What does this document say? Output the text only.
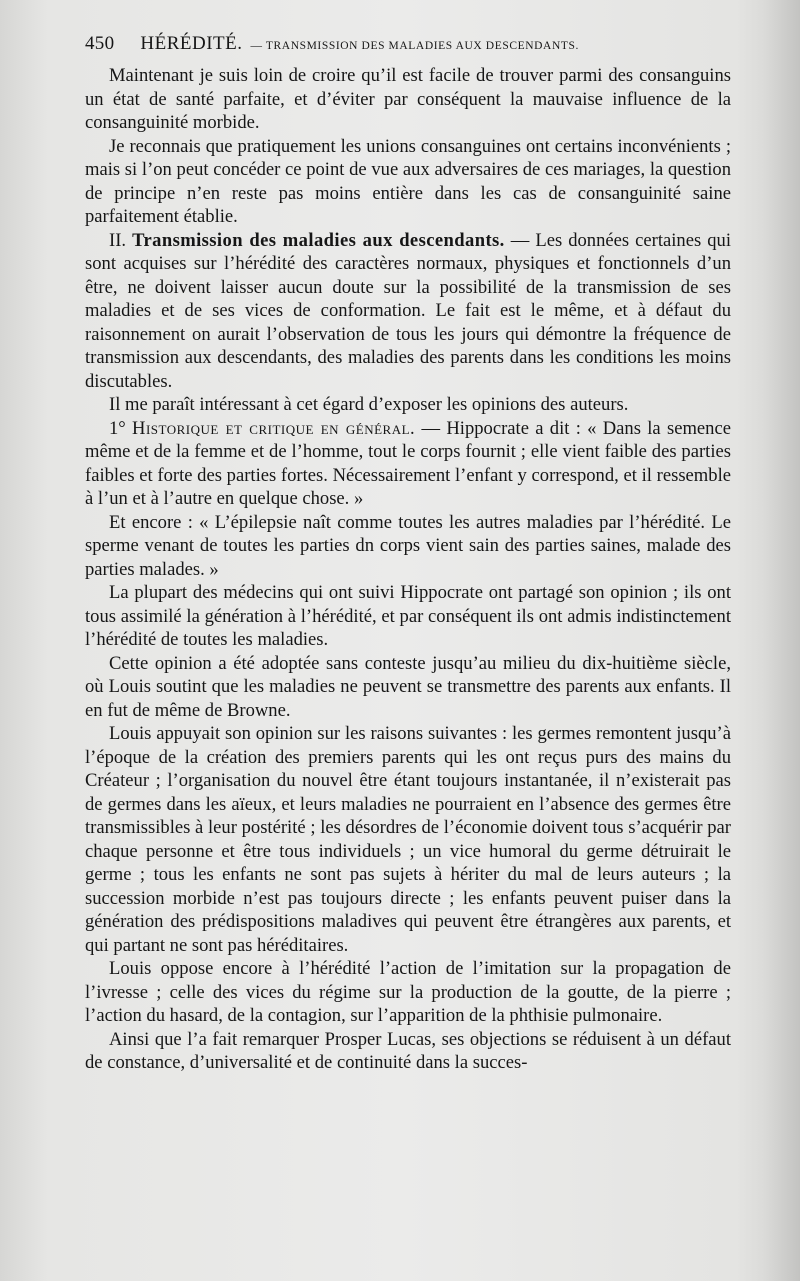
450 HÉRÉDITÉ. — TRANSMISSION DES MALADIES AUX DESCENDANTS.

Maintenant je suis loin de croire qu’il est facile de trouver parmi des consanguins un état de santé parfaite, et d’éviter par conséquent la mauvaise influence de la consanguinité morbide.

Je reconnais que pratiquement les unions consanguines ont certains inconvénients ; mais si l’on peut concéder ce point de vue aux adversaires de ces mariages, la question de principe n’en reste pas moins entière dans les cas de consanguinité saine parfaitement établie.

II. Transmission des maladies aux descendants. — Les données certaines qui sont acquises sur l’hérédité des caractères normaux, physiques et fonctionnels d’un être, ne doivent laisser aucun doute sur la possibilité de la transmission de ses maladies et de ses vices de conformation. Le fait est le même, et à défaut du raisonnement on aurait l’observation de tous les jours qui démontre la fréquence de transmission aux descendants, des maladies des parents dans les conditions les moins discutables.

Il me paraît intéressant à cet égard d’exposer les opinions des auteurs.

1° Historique et critique en général. — Hippocrate a dit : « Dans la semence même et de la femme et de l’homme, tout le corps fournit ; elle vient faible des parties faibles et forte des parties fortes. Nécessairement l’enfant y correspond, et il ressemble à l’un et à l’autre en quelque chose. »

Et encore : « L’épilepsie naît comme toutes les autres maladies par l’hérédité. Le sperme venant de toutes les parties dn corps vient sain des parties saines, malade des parties malades. »

La plupart des médecins qui ont suivi Hippocrate ont partagé son opinion ; ils ont tous assimilé la génération à l’hérédité, et par conséquent ils ont admis indistinctement l’hérédité de toutes les maladies.

Cette opinion a été adoptée sans conteste jusqu’au milieu du dix-huitième siècle, où Louis soutint que les maladies ne peuvent se transmettre des parents aux enfants. Il en fut de même de Browne.

Louis appuyait son opinion sur les raisons suivantes : les germes remontent jusqu’à l’époque de la création des premiers parents qui les ont reçus purs des mains du Créateur ; l’organisation du nouvel être étant toujours instantanée, il n’existerait pas de germes dans les aïeux, et leurs maladies ne pourraient en l’absence des germes être transmissibles à leur postérité ; les désordres de l’économie doivent tous s’acquérir par chaque personne et être tous individuels ; un vice humoral du germe détruirait le germe ; tous les enfants ne sont pas sujets à hériter du mal de leurs auteurs ; la succession morbide n’est pas toujours directe ; les enfants peuvent puiser dans la génération des prédispositions maladives qui peuvent être étrangères aux parents, et qui partant ne sont pas héréditaires.

Louis oppose encore à l’hérédité l’action de l’imitation sur la propagation de l’ivresse ; celle des vices du régime sur la production de la goutte, de la pierre ; l’action du hasard, de la contagion, sur l’apparition de la phthisie pulmonaire.

Ainsi que l’a fait remarquer Prosper Lucas, ses objections se réduisent à un défaut de constance, d’universalité et de continuité dans la succes-
